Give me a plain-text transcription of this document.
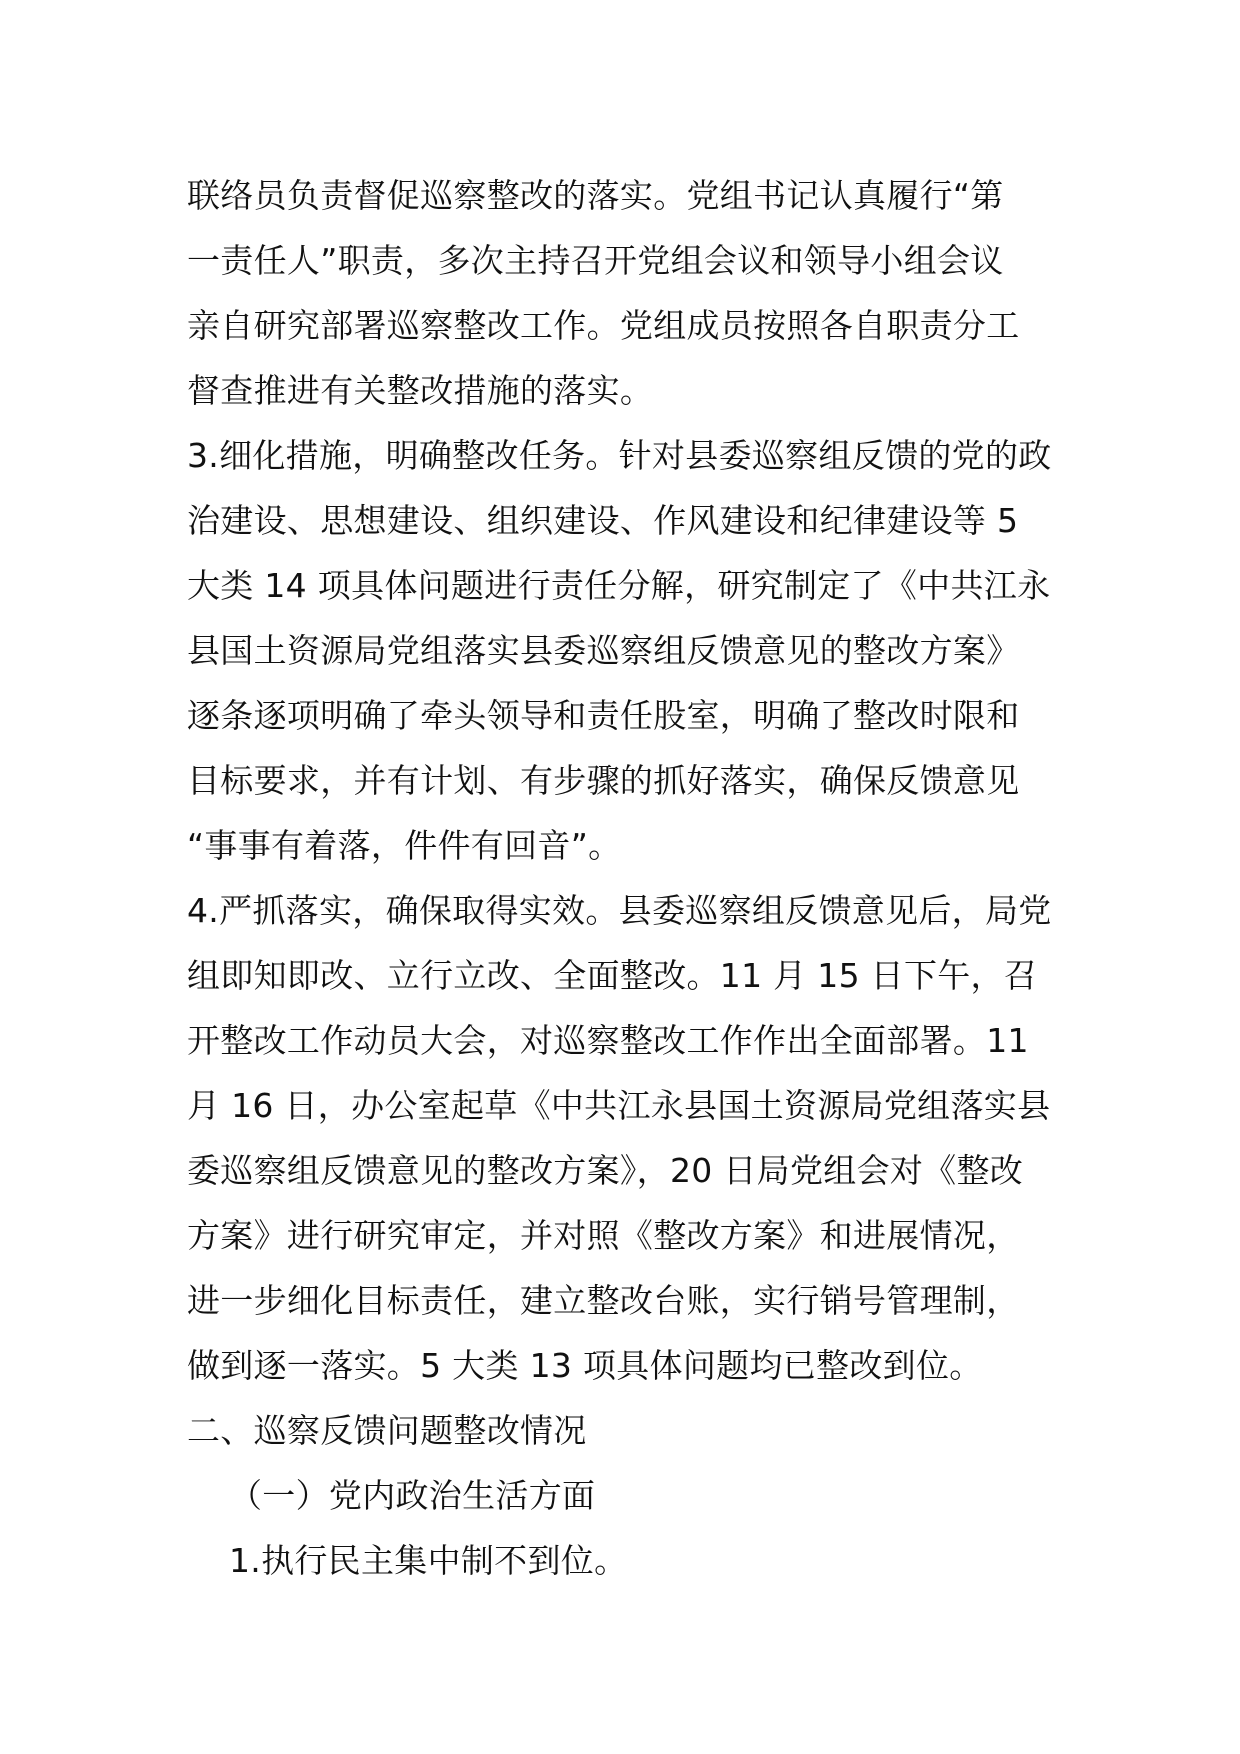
联络员负责督促巡察整改的落实。党组书记认真履行“第
一责任人”职责，多次主持召开党组会议和领导小组会议
亲自研究部署巡察整改工作。党组成员按照各自职责分工
督查推进有关整改措施的落实。
3.细化措施，明确整改任务。针对县委巡察组反馈的党的政
治建设、思想建设、组织建设、作风建设和纪律建设等 5
大类 14 项具体问题进行责任分解，研究制定了《中共江永
县国土资源局党组落实县委巡察组反馈意见的整改方案》
逐条逐项明确了牵头领导和责任股室，明确了整改时限和
目标要求，并有计划、有步骤的抓好落实，确保反馈意见
“事事有着落，件件有回音”。
4.严抓落实，确保取得实效。县委巡察组反馈意见后，局党
组即知即改、立行立改、全面整改。11 月 15 日下午，召
开整改工作动员大会，对巡察整改工作作出全面部署。11
月 16 日，办公室起草《中共江永县国土资源局党组落实县
委巡察组反馈意见的整改方案》，20 日局党组会对《整改
方案》进行研究审定，并对照《整改方案》和进展情况，
进一步细化目标责任，建立整改台账，实行销号管理制，
做到逐一落实。5 大类 13 项具体问题均已整改到位。
二、巡察反馈问题整改情况
（一）党内政治生活方面
1.执行民主集中制不到位。
